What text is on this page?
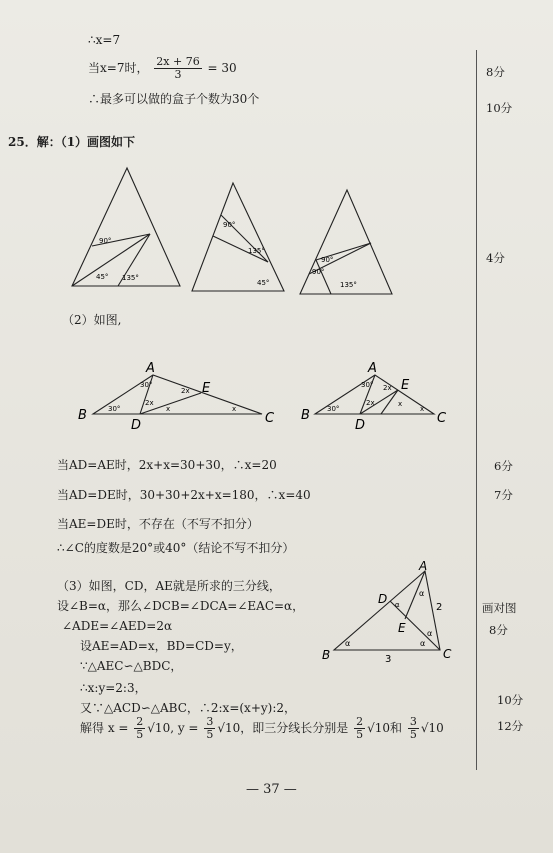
∴x=7
当x=7时， $\frac{2x + 76}{3} = 30$
∴最多可以做的盒子个数为30个
8分
10分
25．解：（1）画图如下
90°
45° 135°
90°
135°
45°
90°
90°
135°
A
B	C
D
E
30°
30°
2x
2x
x	x
A
B	C
D
E
30°
30°
2x
2x	x
x
A
B	C
D
E
α
α
α	α
α
2
3
4分
（2）如图,
当AD=AE时，2x+x=30+30，∴x=20	6分
当AD=DE时，30+30+2x+x=180，∴x=40	7分
当AE=DE时，不存在（不写不扣分）
∴∠C的度数是20°或40°（结论不写不扣分）
（3）如图，CD，AE就是所求的三分线，
设∠B=α，那么∠DCB=∠DCA=∠EAC=α，
∠ADE=∠AED=2α
设AE=AD=x，BD=CD=y，
∵△AEC∽△BDC，
∴x:y=2:3，
又∵△ACD∽△ABC，∴2:x=(x+y):2，
解得 $x = \frac{2}{5} √10$, $y = \frac{3}{5} √10$，即三分线长分别是 $\frac{2}{5} √10$和 $\frac{3}{5} √10$
画对图
8分
10分
12分
— 37 —
